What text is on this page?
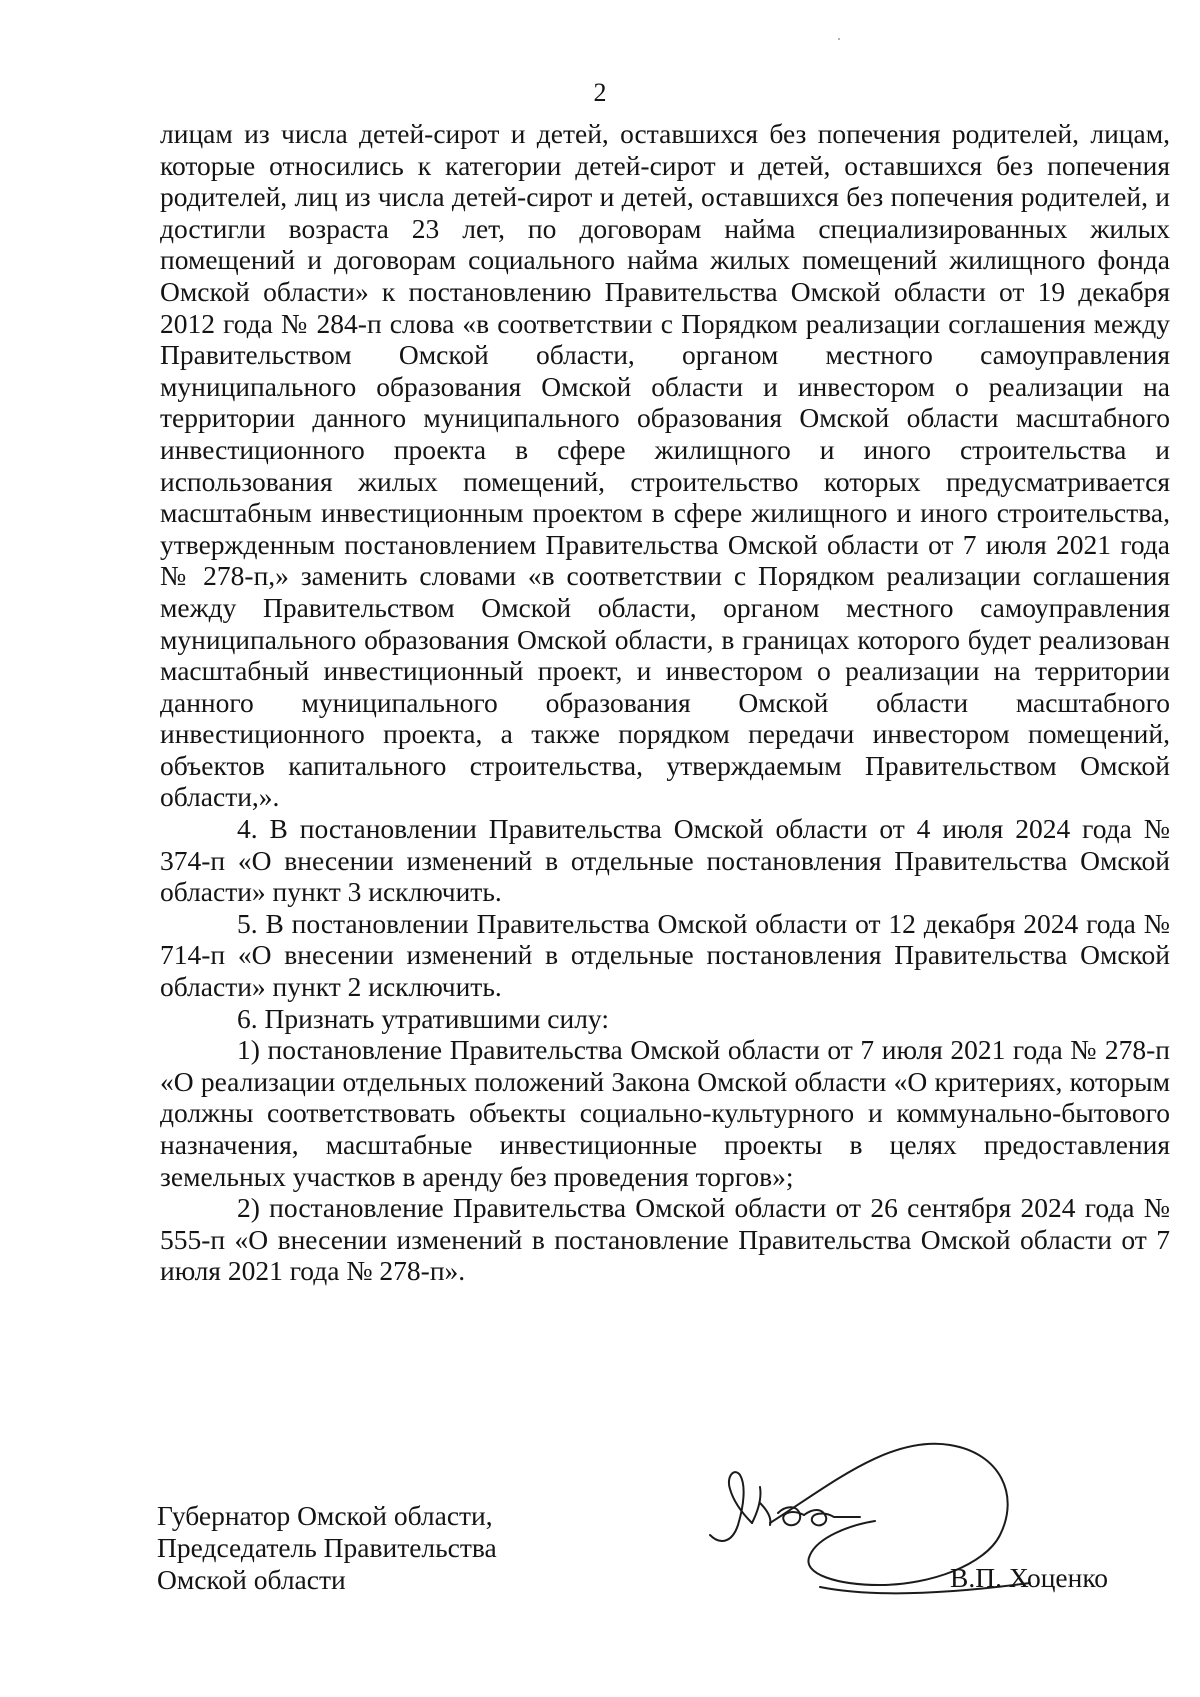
2

лицам из числа детей-сирот и детей, оставшихся без попечения родителей, лицам, которые относились к категории детей-сирот и детей, оставшихся без попечения родителей, лиц из числа детей-сирот и детей, оставшихся без попечения родителей, и достигли возраста 23 лет, по договорам найма специализированных жилых помещений и договорам социального найма жилых помещений жилищного фонда Омской области» к постановлению Правительства Омской области от 19 декабря 2012 года № 284-п слова «в соответствии с Порядком реализации соглашения между Правительством Омской области, органом местного самоуправления муниципального образования Омской области и инвестором о реализации на территории данного муниципального образования Омской области масштабного инвестиционного проекта в сфере жилищного и иного строительства и использования жилых помещений, строительство которых предусматривается масштабным инвестиционным проектом в сфере жилищного и иного строительства, утвержденным постановлением Правительства Омской области от 7 июля 2021 года № 278-п,» заменить словами «в соответствии с Порядком реализации соглашения между Правительством Омской области, органом местного самоуправления муниципального образования Омской области, в границах которого будет реализован масштабный инвестиционный проект, и инвестором о реализации на территории данного муниципального образования Омской области масштабного инвестиционного проекта, а также порядком передачи инвестором помещений, объектов капитального строительства, утверждаемым Правительством Омской области,».

4. В постановлении Правительства Омской области от 4 июля 2024 года № 374-п «О внесении изменений в отдельные постановления Правительства Омской области» пункт 3 исключить.

5. В постановлении Правительства Омской области от 12 декабря 2024 года № 714-п «О внесении изменений в отдельные постановления Правительства Омской области» пункт 2 исключить.

6. Признать утратившими силу:

1) постановление Правительства Омской области от 7 июля 2021 года № 278-п «О реализации отдельных положений Закона Омской области «О критериях, которым должны соответствовать объекты социально-культурного и коммунально-бытового назначения, масштабные инвестиционные проекты в целях предоставления земельных участков в аренду без проведения торгов»;

2) постановление Правительства Омской области от 26 сентября 2024 года № 555-п «О внесении изменений в постановление Правительства Омской области от 7 июля 2021 года № 278-п».

Губернатор Омской области,
Председатель Правительства
Омской области	В.П. Хоценко
